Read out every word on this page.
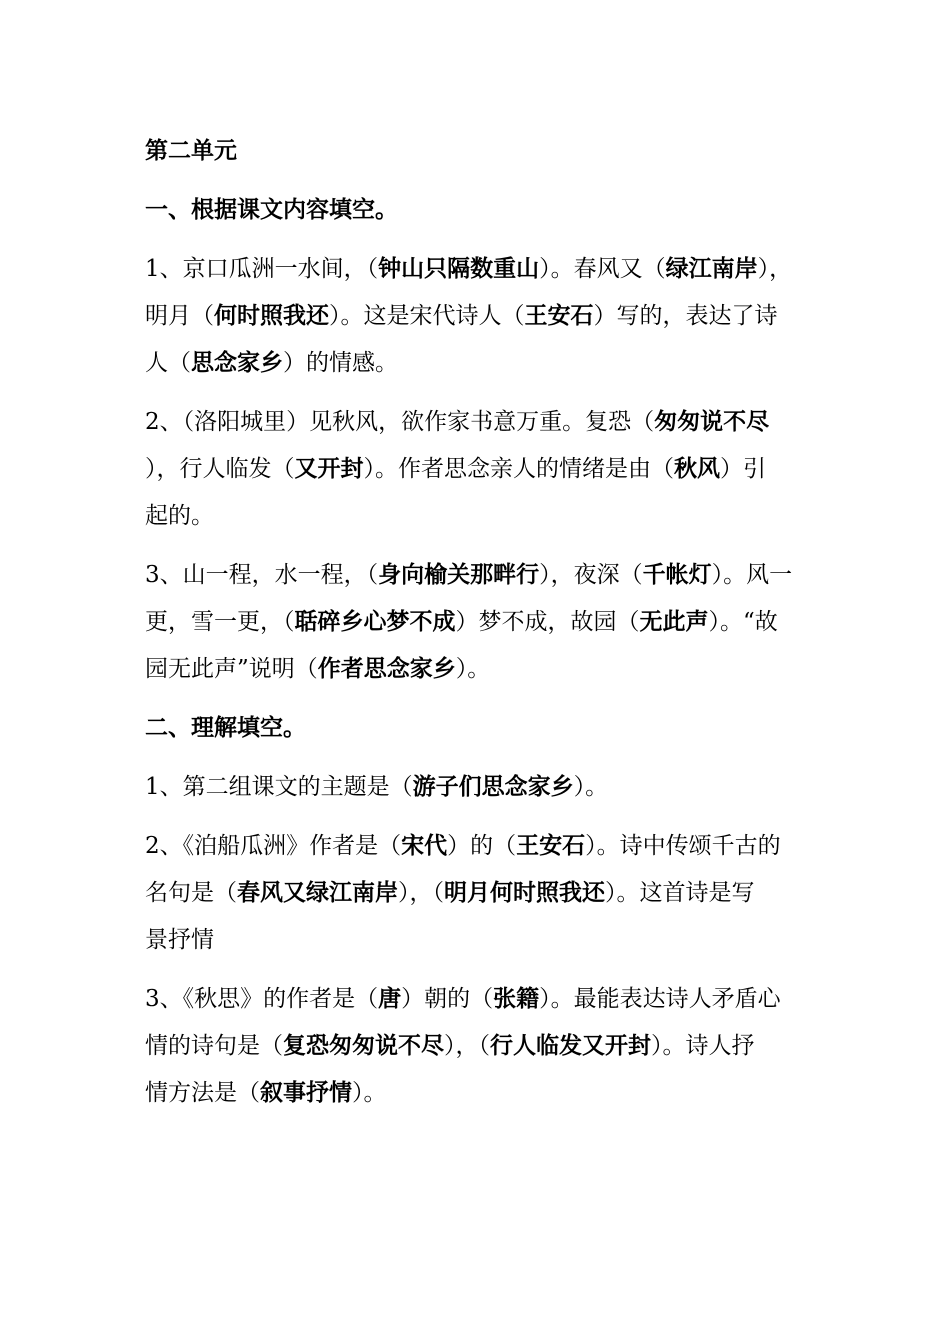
第二单元
一、根据课文内容填空。
1、京口瓜洲一水间，（钟山只隔数重山）。春风又（绿江南岸），
明月（何时照我还）。这是宋代诗人（王安石）写的，表达了诗
人（思念家乡）的情感。
2、（洛阳城里）见秋风，欲作家书意万重。复恐（匆匆说不尽
），行人临发（又开封）。作者思念亲人的情绪是由（秋风）引
起的。
3、山一程，水一程，（身向榆关那畔行），夜深（千帐灯）。风一
更，雪一更，（聒碎乡心梦不成）梦不成，故园（无此声）。“故
园无此声”说明（作者思念家乡）。
二、理解填空。
1、第二组课文的主题是（游子们思念家乡）。
2、《泊船瓜洲》作者是（宋代）的（王安石）。诗中传颂千古的
名句是（春风又绿江南岸），（明月何时照我还）。这首诗是写
景抒情
3、《秋思》的作者是（唐）朝的（张籍）。最能表达诗人矛盾心
情的诗句是（复恐匆匆说不尽），（行人临发又开封）。诗人抒
情方法是（叙事抒情）。
